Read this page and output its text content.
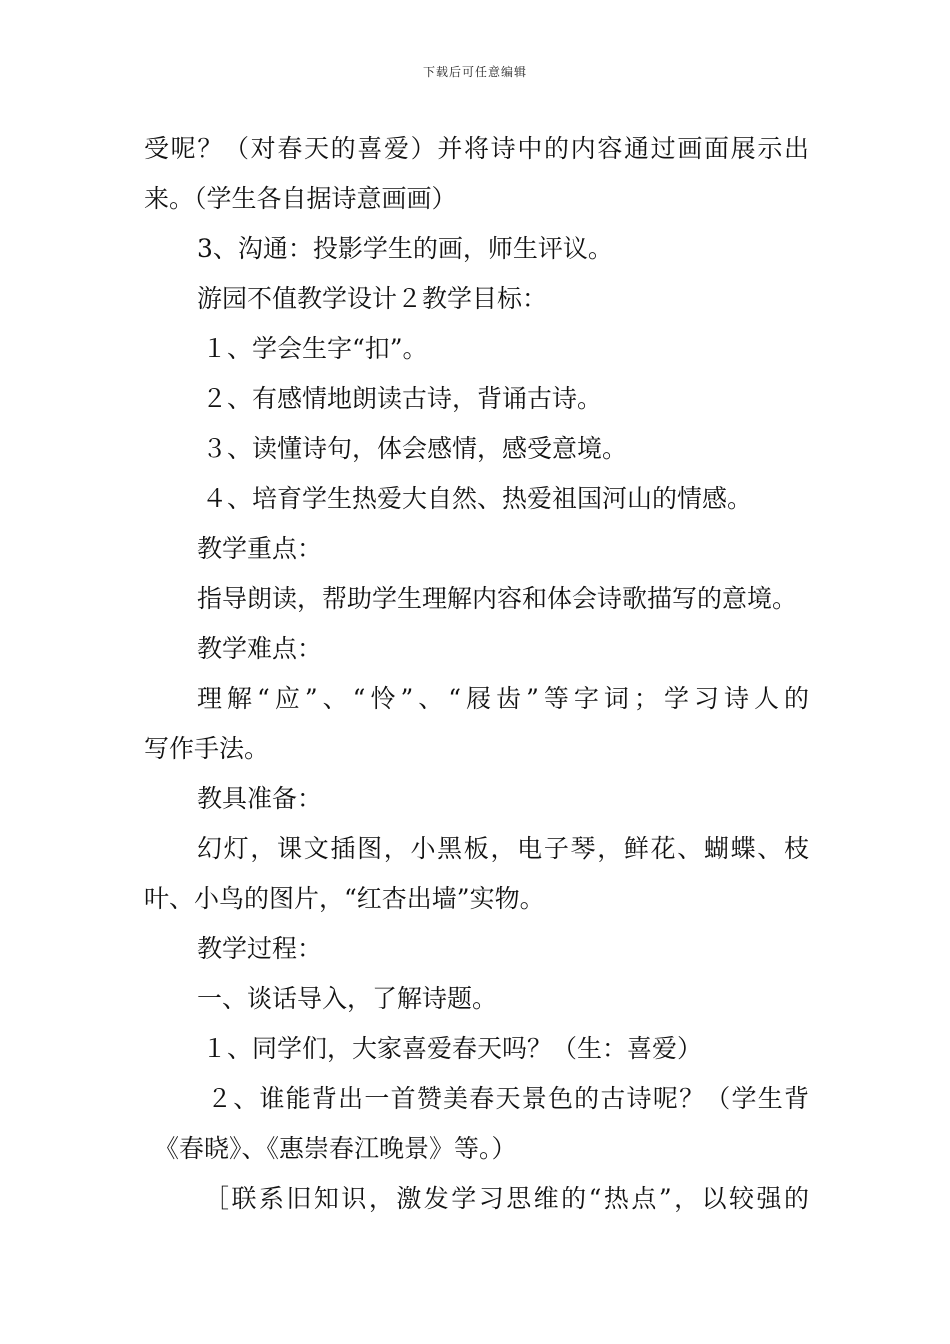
下载后可任意编辑
受呢？（对春天的喜爱）并将诗中的内容通过画面展示出
来。（学生各自据诗意画画）
3、沟通：投影学生的画，师生评议。
游园不值教学设计２教学目标：
１、学会生字“扣”。
２、有感情地朗读古诗，背诵古诗。
３、读懂诗句，体会感情，感受意境。
４、培育学生热爱大自然、热爱祖国河山的情感。
教学重点：
指导朗读，帮助学生理解内容和体会诗歌描写的意境。
教学难点：
理解“应”、“怜”、“屐齿”等字词；学习诗人的
写作手法。
教具准备：
幻灯，课文插图，小黑板，电子琴，鲜花、蝴蝶、枝
叶、小鸟的图片，“红杏出墙”实物。
教学过程：
一、谈话导入，了解诗题。
１、同学们，大家喜爱春天吗？（生：喜爱）
２、谁能背出一首赞美春天景色的古诗呢？（学生背
《春晓》、《惠崇春江晚景》等。）
［联系旧知识，激发学习思维的“热点”，以较强的
